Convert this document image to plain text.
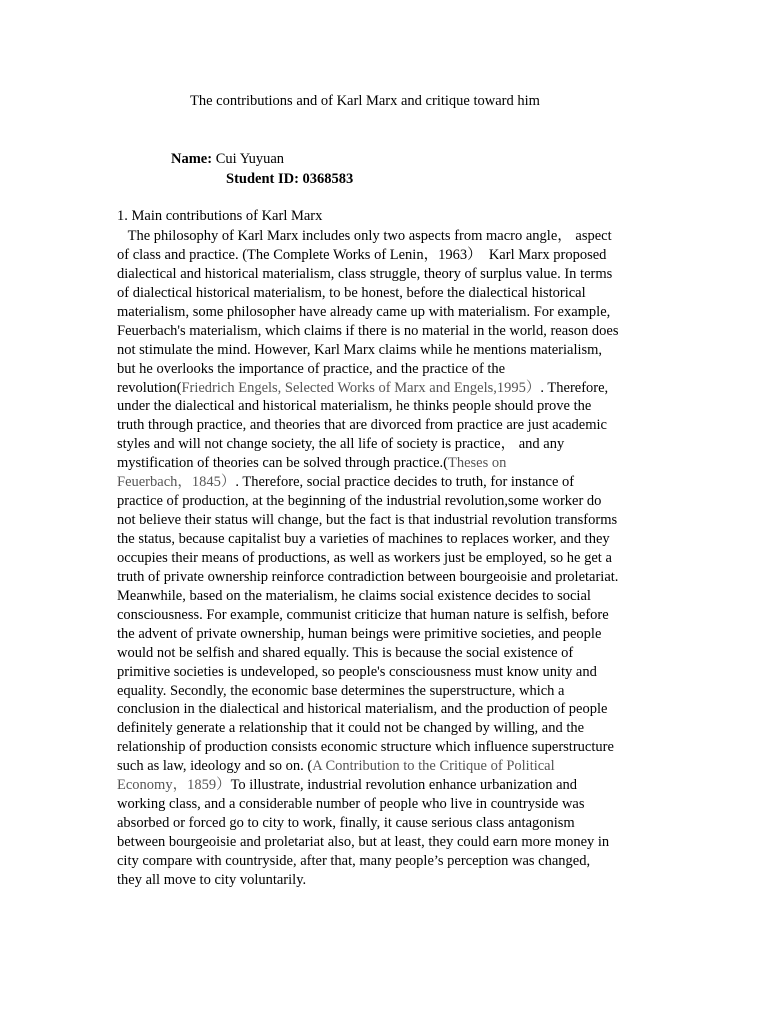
The contributions and of Karl Marx and critique toward him
Name: Cui Yuyuan
Student ID: 0368583
1. Main contributions of Karl Marx
The philosophy of Karl Marx includes only two aspects from macro angle， aspect
of class and practice. (The Complete Works of Lenin，1963）  Karl Marx proposed
dialectical and historical materialism, class struggle, theory of surplus value. In terms
of dialectical historical materialism, to be honest, before the dialectical historical
materialism, some philosopher have already came up with materialism. For example,
Feuerbach's materialism, which claims if there is no material in the world, reason does
not stimulate the mind. However, Karl Marx claims while he mentions materialism,
but he overlooks the importance of practice, and the practice of the
revolution(Friedrich Engels, Selected Works of Marx and Engels,1995）. Therefore,
under the dialectical and historical materialism, he thinks people should prove the
truth through practice, and theories that are divorced from practice are just academic
styles and will not change society, the all life of society is practice， and any
mystification of theories can be solved through practice.(Theses on
Feuerbach，1845）. Therefore, social practice decides to truth, for instance of
practice of production, at the beginning of the industrial revolution,some worker do
not believe their status will change, but the fact is that industrial revolution transforms
the status, because capitalist buy a varieties of machines to replaces worker, and they
occupies their means of productions, as well as workers just be employed, so he get a
truth of private ownership reinforce contradiction between bourgeoisie and proletariat.
Meanwhile, based on the materialism, he claims social existence decides to social
consciousness. For example, communist criticize that human nature is selfish, before
the advent of private ownership, human beings were primitive societies, and people
would not be selfish and shared equally. This is because the social existence of
primitive societies is undeveloped, so people's consciousness must know unity and
equality. Secondly, the economic base determines the superstructure, which a
conclusion in the dialectical and historical materialism, and the production of people
definitely generate a relationship that it could not be changed by willing, and the
relationship of production consists economic structure which influence superstructure
such as law, ideology and so on. (A Contribution to the Critique of Political
Economy，1859）To illustrate, industrial revolution enhance urbanization and
working class, and a considerable number of people who live in countryside was
absorbed or forced go to city to work, finally, it cause serious class antagonism
between bourgeoisie and proletariat also, but at least, they could earn more money in
city compare with countryside, after that, many people’s perception was changed,
they all move to city voluntarily.
